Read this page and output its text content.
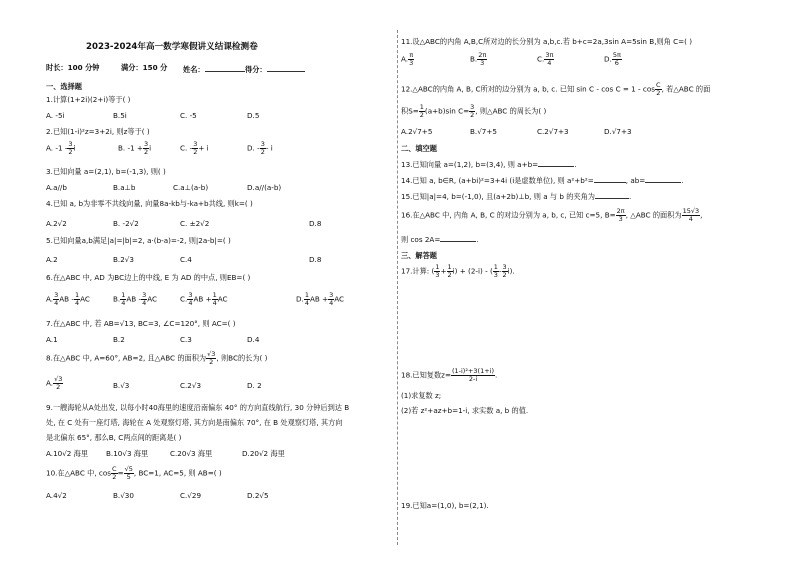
2023-2024年高一数学寒假讲义结课检测卷
时长：100 分钟	满分：150 分 姓名：	得分：
一、选择题
1.计算(1+2i)(2+i)等于( )
A. -5i	B.5i	C. -5	D.5
2.已知(1-i)²z=3+2i, 则z等于( )
A. $-1 - \frac{3}{2}$ i	B. $-1 + \frac{3}{2}$ i	C. - $\frac{3}{2} + i$	D. - $\frac{3}{2}$ - i
3.已知向量 a=(2,1), b=(-1,3), 则( )
A.a//b	B.a⊥b	C.a⊥(a-b)	D.a//(a-b)
4.已知 a, b为非零不共线向量, 向量8a-kb与-ka+b共线, 则k=( )
A.2√2	B. -2√2	C. ±2√2	D.8
5.已知向量a,b满足|a|=|b|=2, a·(b-a)=-2, 则|2a-b|=( )
A.2	B.2√3	C.4	D.8
6.在△ABC 中, AD 为BC边上的中线, E 为 AD 的中点, 则EB=( )
A. $\frac{3}{4}$ AB - $\frac{1}{4}$ AC	B. $\frac{1}{4}$ AB - $\frac{3}{4}$ AC	C. $\frac{3}{4}$ AB + $\frac{1}{4}$ AC	D. $\frac{1}{4}$ AB + $\frac{3}{4}$ AC
7.在△ABC 中, 若 AB=√13, BC=3, ∠C=120°, 则 AC=( )
A.1	B.2	C.3	D.4
8.在△ABC 中, A=60°, AB=2, 且△ABC 的面积为 $\frac{√3}{2}$ , 则BC的长为( )
A. $\frac{√3}{2}$	B.√3	C.2√3	D. 2
9.一艘海轮从A处出发, 以每小时40海里的速度沿南偏东 40° 的方向直线航行, 30 分钟后到达 B
处, 在 C 处有一座灯塔, 海轮在 A 处观察灯塔, 其方向是南偏东 70°, 在 B 处观察灯塔, 其方向
是北偏东 65°, 那么B, C两点间的距离是( )
A.10√2 海里 B.10√3 海里	C.20√3 海里	D.20√2 海里
10.在△ABC 中, $\cos \frac{C}{2} = \frac{√5}{5}$ , BC=1, AC=5, 则 AB=( )
A.4√2	B.√30	C.√29	D.2√5
11.设△ABC的内角 A,B,C所对边的长分别为 a,b,c.若 b+c=2a,3sin A=5sin B,则角 C=( )
A. $\frac{\pi}{3}$	B. $\frac{2\pi}{3}$	C. $\frac{3\pi}{4}$	D. $\frac{5\pi}{6}$
12.△ABC的内角 A, B, C所对的边分别为 a, b, c. 已知 $\sin C - \cos C = 1 - \cos \frac{C}{2}$ , 若△ABC 的面
积$S= \frac{1}{2} (a+b)\sin$ $C= \frac{3}{2}$ , 则△ABC 的周长为( )
A.2√7+5	B.√7+5	C.2√7+3	D.√7+3
二、填空题
13.已知向量 a=(1,2), b=(3,4), 则 a+b=	.
14.已知 a, b∈R, (a+bi)²=3+4i (i是虚数单位), 则 a²+b²=	, ab=	.
15.已知|a|=4, b=(-1,0), 且(a+2b)⊥b, 则 a 与 b 的夹角为	.
16.在△ABC 中, 内角 A, B, C 的对边分别为 a, b, c, 已知 c=5, $B= \frac{2\pi}{3}$ , △ABC 的面积为 $\frac{15√3}{4}$ ,
则 cos 2A=	.
三、解答题
17.计算: ( $\frac{1}{3} + \frac{1}{2} i) + (2-i)$ - ( $\frac{1}{3} - \frac{3}{2} i$).
18.已知复数$z= \frac{\text{(1-i)²+3(1+i)}}{2-i}$ .
(1)求复数 z;
(2)若 z²+az+b=1-i, 求实数 a, b 的值.
19.已知a=(1,0), b=(2,1).
